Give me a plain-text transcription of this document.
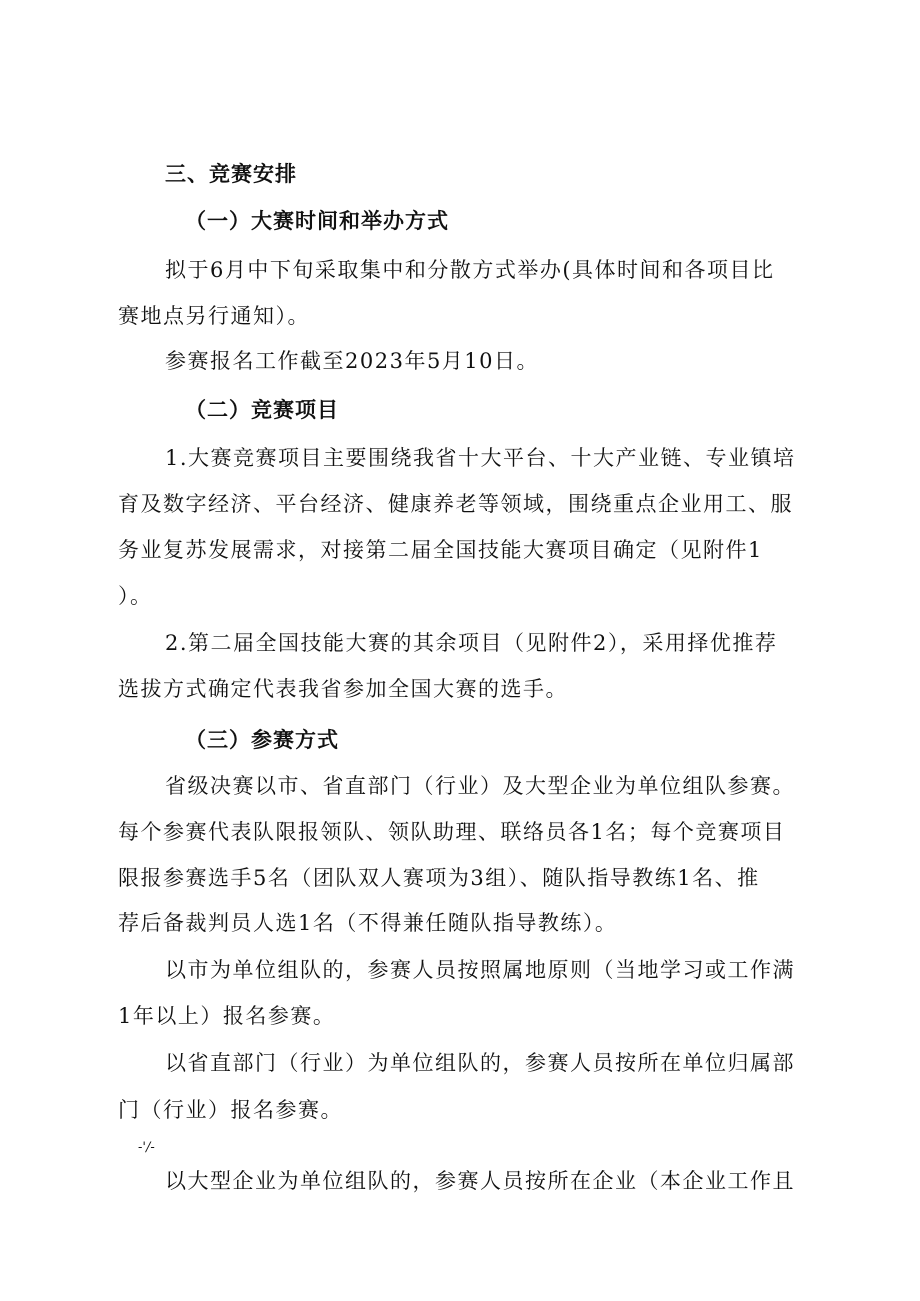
三、竞赛安排
（一）大赛时间和举办方式
拟于6月中下旬采取集中和分散方式举办(具体时间和各项目比
赛地点另行通知）。
参赛报名工作截至2023年5月10日。
（二）竞赛项目
1.大赛竞赛项目主要围绕我省十大平台、十大产业链、专业镇培
育及数字经济、平台经济、健康养老等领域，围绕重点企业用工、服
务业复苏发展需求，对接第二届全国技能大赛项目确定（见附件1
）。
2.第二届全国技能大赛的其余项目（见附件2），采用择优推荐
选拔方式确定代表我省参加全国大赛的选手。
（三）参赛方式
省级决赛以市、省直部门（行业）及大型企业为单位组队参赛。
每个参赛代表队限报领队、领队助理、联络员各1名；每个竞赛项目
限报参赛选手5名（团队双人赛项为3组）、随队指导教练1名、推
荐后备裁判员人选1名（不得兼任随队指导教练）。
以市为单位组队的，参赛人员按照属地原则（当地学习或工作满
1年以上）报名参赛。
以省直部门（行业）为单位组队的，参赛人员按所在单位归属部
门（行业）报名参赛。
-'/-
以大型企业为单位组队的，参赛人员按所在企业（本企业工作且
